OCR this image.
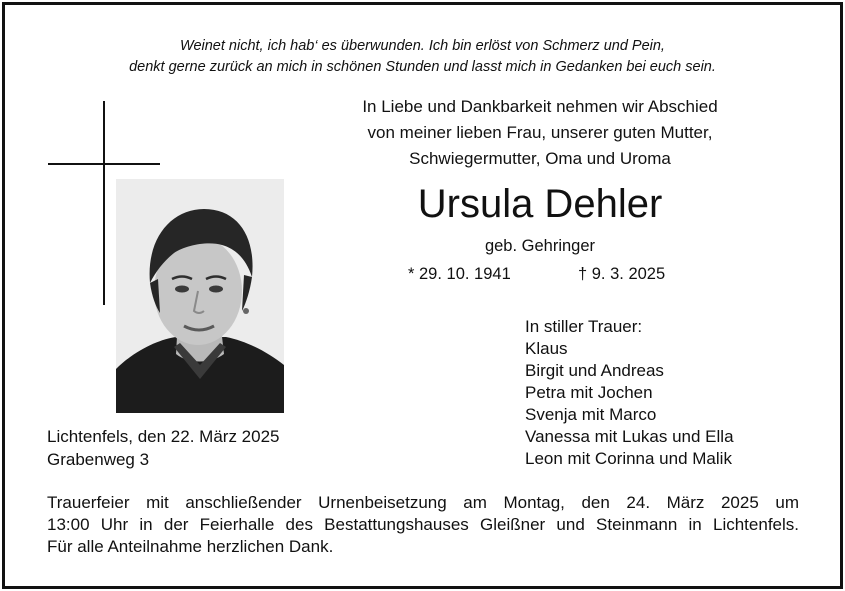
Weinet nicht, ich hab‘ es überwunden. Ich bin erlöst von Schmerz und Pein,
denkt gerne zurück an mich in schönen Stunden und lasst mich in Gedanken bei euch sein.
In Liebe und Dankbarkeit nehmen wir Abschied
von meiner lieben Frau, unserer guten Mutter,
Schwiegermutter, Oma und Uroma
Ursula Dehler
geb. Gehringer
* 29. 10. 1941	† 9. 3. 2025
Lichtenfels, den 22. März 2025
Grabenweg 3
In stiller Trauer:
Klaus
Birgit und Andreas
Petra mit Jochen
Svenja mit Marco
Vanessa mit Lukas und Ella
Leon mit Corinna und Malik
Trauerfeier mit anschließender Urnenbeisetzung am Montag, den 24. März 2025 um
13:00 Uhr in der Feierhalle des Bestattungshauses Gleißner und Steinmann in Lichtenfels.
Für alle Anteilnahme herzlichen Dank.
